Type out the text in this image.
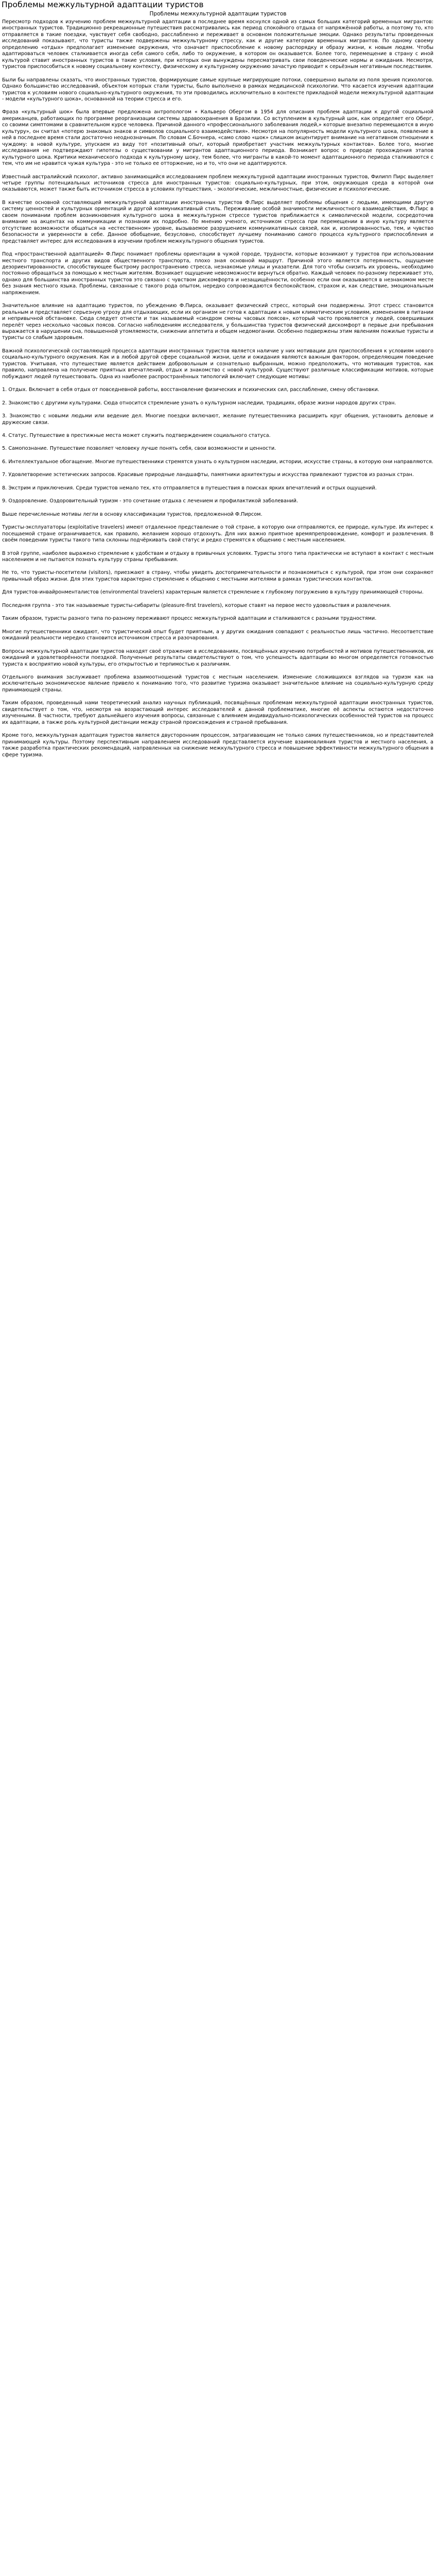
Проблемы межкультурной адаптации туристов
Проблемы межкультурной адаптации туристов

Пересмотр подходов к изучению проблем межкультурной адаптации в последнее время коснулся одной из самых больших категорий временных мигрантов: иностранных туристов. Традиционно рекреационные путешествия рассматривались как период спокойного отдыха от напряжённой работы, а поэтому то, кто отправляется в такие поездки, чувствует себя свободно, расслабленно и переживает в основном положительные эмоции. Однако результаты проведенных исследований показывают, что туристы также подвержены межкультурному стрессу, как и другие категории временных мигрантов. По одному своему определению «отдых» предполагает изменение окружения, что означает приспособление к новому распорядку и образу жизни, к новым людям. Чтобы адаптироваться человек сталкивается иногда себя самого себя, либо то окружение, в котором он оказывается. Более того, перемещение в страну с иной культурой ставит иностранных туристов в такие условия, при которых они вынуждены пересматривать свои поведенческие нормы и ожидания. Несмотря, туристов приспособиться к новому социальному контексту, физическому и культурному окружению зачастую приводит к серьёзным негативным последствиям.

Были бы направлены сказать, что иностранных туристов, формирующие самые крупные мигрирующие потоки, совершенно выпали из поля зрения психологов. Однако большинство исследований, объектом которых стали туристы, было выполнено в рамках медицинской психологии. Что касается изучения адаптации туристов к условиям нового социально-культурного окружения, то эти проводились исключительно в контексте прикладной модели межкультурной адаптации - модели «культурного шока», основанной на теории стресса и его.

Фраза «культурный шок» была впервые предложена антропологом « Кальверо Обергом в 1954 для описания проблем адаптации к другой социальной американцев, работающих по программе реорганизации системы здравоохранения в Бразилии. Со вступлением в культурный шок, как определяет его Оберг, со своими симптомами в сравнительном курсе человека. Причиной данного «профессионального заболевания людей,» которые внезапно перемещаются в иную культуру», он считал «потерю знакомых знаков и символов социального взаимодействия». Несмотря на популярность модели культурного шока, появление в ней в последнее время стали достаточно неоднозначным. По словам С.Бочнера, «само слово «шок» слишком акцентирует внимание на негативном отношении к чуждому: в новой культуре, упускаем из виду тот «позитивный опыт, который приобретает участник межкультурных контактов». Более того, многие исследования не подтверждают гипотезы о существовании у мигрантов адаптационного периода. Возникает вопрос о природе прохождения этапов культурного шока. Критики механического подхода к культурному шоку, тем более, что мигранты в какой-то момент адаптационного периода сталкиваются с тем, что им не нравится чужая культура - это не только ее отторжение, но и то, что они не адаптируются.

Известный австралийский психолог, активно занимающийся исследованием проблем межкультурной адаптации иностранных туристов, Филипп Пирс выделяет четыре группы потенциальных источников стресса для иностранных туристов: социально-культурных, при этом, окружающая среда в которой они оказываются, может также быть источником стресса в условиях путешествия, - экологические, межличностные, физические и психологические.

В качестве основной составляющей межкультурной адаптации иностранных туристов Ф.Пирс выделяет проблемы общения с людьми, имеющими другую систему ценностей и культурных ориентаций и другой коммуникативный стиль. Переживание особой значимости межличностного взаимодействия, Ф.Пирс в своем понимании проблем возникновения культурного шока в межкультурном стрессе туристов приближается к символической модели, сосредоточив внимание на акцентах на коммуникации и познании их подробно. По мнению ученого, источником стресса при перемещении в иную культуру является отсутствие возможности общаться на «естественном» уровне, вызываемое разрушением коммуникативных связей, как и, изолированностью, тем, и чувство безопасности и уверенности в себе. Данное обобщение, безусловно, способствует лучшему пониманию самого процесса культурного приспособления и представляет интерес для исследования в изучении проблем межкультурного общения туристов.

Под «пространственной адаптацией» Ф.Пирс понимает проблемы ориентации в чужой городе, трудности, которые возникают у туристов при использовании местного транспорта и других видов общественного транспорта, плохо зная основной маршрут. Причиной этого является потерянность, ощущение дезориентированности, способствующее быстрому распространению стресса, незнакомые улицы и указатели. Для того чтобы снизить их уровень, необходимо постоянно обращаться за помощью к местным жителям. Возникает ощущение невозможности вернуться обратно. Каждый человек по-разному переживает это, однако для большинства иностранных туристов это связано с чувством дискомфорта и незащищённости, особенно если они оказываются в незнакомом месте без знания местного языка. Проблемы, связанные с такого рода опытом, нередко сопровождаются беспокойством, страхом и, как следствие, эмоциональным напряжением.

Значительное влияние на адаптацию туристов, по убеждению Ф.Пирса, оказывает физический стресс, который они подвержены. Этот стресс становится реальным и представляет серьезную угрозу для отдыхающих, если их организм не готов к адаптации к новым климатическим условиям, изменениям в питании и непривычной обстановке. Сюда следует отнести и так называемый «синдром смены часовых поясов», который часто проявляется у людей, совершивших перелёт через несколько часовых поясов. Согласно наблюдениям исследователя, у большинства туристов физический дискомфорт в первые дни пребывания выражается в нарушении сна, повышенной утомляемости, снижении аппетита и общем недомогании. Особенно подвержены этим явлениям пожилые туристы и туристы со слабым здоровьем.

Важной психологической составляющей процесса адаптации иностранных туристов является наличие у них мотивации для приспособления к условиям нового социально-культурного окружения. Как и в любой другой сфере социальной жизни, цели и ожидания являются важным фактором, определяющим поведение туристов. Учитывая, что путешествие является действием добровольным и сознательно выбранным, можно предположить, что мотивация туристов, как правило, направлена на получение приятных впечатлений, отдых и знакомство с новой культурой. Существуют различные классификации мотивов, которые побуждают людей путешествовать. Одна из наиболее распространённых типологий включает следующие мотивы:

1. Отдых. Включает в себя отдых от повседневной работы, восстановление физических и психических сил, расслабление, смену обстановки.

2. Знакомство с другими культурами. Сюда относится стремление узнать о культурном наследии, традициях, образе жизни народов других стран.

3. Знакомство с новыми людьми или ведение дел. Многие поездки включают, желание путешественника расширить круг общения, установить деловые и дружеские связи.

4. Статус. Путешествие в престижные места может служить подтверждением социального статуса.

5. Самопознание. Путешествие позволяет человеку лучше понять себя, свои возможности и ценности.

6. Интеллектуальное обогащение. Многие путешественники стремятся узнать о культурном наследии, истории, искусстве страны, в которую они направляются.

7. Удовлетворение эстетических запросов. Красивые природные ландшафты, памятники архитектуры и искусства привлекают туристов из разных стран.

8. Экстрим и приключения. Среди туристов немало тех, кто отправляется в путешествия в поисках ярких впечатлений и острых ощущений.

9. Оздоровление. Оздоровительный туризм - это сочетание отдыха с лечением и профилактикой заболеваний.

Выше перечисленные мотивы легли в основу классификации туристов, предложенной Ф.Пирсом.

Туристы-эксплуататоры (exploitative travelers) имеют отдаленное представление о той стране, в которую они отправляются, ее природе, культуре. Их интерес к посещаемой стране ограничивается, как правило, желанием хорошо отдохнуть. Для них важно приятное времяпрепровождение, комфорт и развлечения. В своём поведении туристы такого типа склонны подчёркивать свой статус и редко стремятся к общению с местным населением.

В этой группе, наиболее выражено стремление к удобствам и отдыху в привычных условиях. Туристы этого типа практически не вступают в контакт с местным населением и не пытаются познать культуру страны пребывания.

Не то, что туристы-посетители (visitors), приезжают в страну, чтобы увидеть достопримечательности и познакомиться с культурой, при этом они сохраняют привычный образ жизни. Для этих туристов характерно стремление к общению с местными жителями в рамках туристических контактов.

Для туристов-инвайронменталистов (environmental travelers) характерным является стремление к глубокому погружению в культуру принимающей стороны.

Последняя группа - это так называемые туристы-сибариты (pleasure-first travelers), которые ставят на первое место удовольствия и развлечения.

Таким образом, туристы разного типа по-разному переживают процесс межкультурной адаптации и сталкиваются с разными трудностями.

Многие путешественники ожидают, что туристический опыт будет приятным, а у других ожидания совпадают с реальностью лишь частично. Несоответствие ожиданий реальности нередко становится источником стресса и разочарования.

Вопросы межкультурной адаптации туристов находят своё отражение в исследованиях, посвящённых изучению потребностей и мотивов путешественников, их ожиданий и удовлетворённости поездкой. Полученные результаты свидетельствуют о том, что успешность адаптации во многом определяется готовностью туриста к восприятию новой культуры, его открытостью и терпимостью к различиям.

Отдельного внимания заслуживает проблема взаимоотношений туристов с местным населением. Изменение сложившихся взглядов на туризм как на исключительно экономическое явление привело к пониманию того, что развитие туризма оказывает значительное влияние на социально-культурную среду принимающей страны.

Таким образом, проведенный нами теоретический анализ научных публикаций, посвящённых проблемам межкультурной адаптации иностранных туристов, свидетельствует о том, что, несмотря на возрастающий интерес исследователей к данной проблематике, многие её аспекты остаются недостаточно изученными. В частности, требуют дальнейшего изучения вопросы, связанные с влиянием индивидуально-психологических особенностей туристов на процесс их адаптации, а также роль культурной дистанции между страной происхождения и страной пребывания.

Кроме того, межкультурная адаптация туристов является двусторонним процессом, затрагивающим не только самих путешественников, но и представителей принимающей культуры. Поэтому перспективным направлением исследований представляется изучение взаимовлияния туристов и местного населения, а также разработка практических рекомендаций, направленных на снижение межкультурного стресса и повышение эффективности межкультурного общения в сфере туризма.
